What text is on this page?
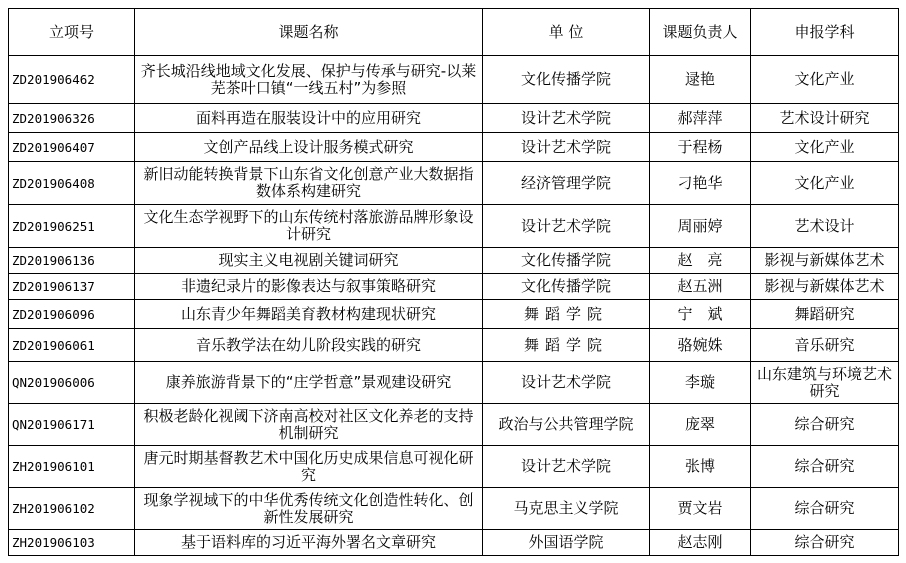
立项号	课题名称	单 位	课题负责人	申报学科
ZD201906462	齐长城沿线地域文化发展、保护与传承与研究-以莱芜茶叶口镇“一线五村”为参照	文化传播学院	逯艳	文化产业
ZD201906326	面料再造在服装设计中的应用研究	设计艺术学院	郝萍萍	艺术设计研究
ZD201906407	文创产品线上设计服务模式研究	设计艺术学院	于程杨	文化产业
ZD201906408	新旧动能转换背景下山东省文化创意产业大数据指数体系构建研究	经济管理学院	刁艳华	文化产业
ZD201906251	文化生态学视野下的山东传统村落旅游品牌形象设计研究	设计艺术学院	周丽婷	艺术设计
ZD201906136	现实主义电视剧关键词研究	文化传播学院	赵　亮	影视与新媒体艺术
ZD201906137	非遗纪录片的影像表达与叙事策略研究	文化传播学院	赵五洲	影视与新媒体艺术
ZD201906096	山东青少年舞蹈美育教材构建现状研究	舞蹈学院	宁　斌	舞蹈研究
ZD201906061	音乐教学法在幼儿阶段实践的研究	舞蹈学院	骆婉姝	音乐研究
QN201906006	康养旅游背景下的“庄学哲意”景观建设研究	设计艺术学院	李璇	山东建筑与环境艺术研究
QN201906171	积极老龄化视阈下济南高校对社区文化养老的支持机制研究	政治与公共管理学院	庞翠	综合研究
ZH201906101	唐元时期基督教艺术中国化历史成果信息可视化研究	设计艺术学院	张博	综合研究
ZH201906102	现象学视域下的中华优秀传统文化创造性转化、创新性发展研究	马克思主义学院	贾文岩	综合研究
ZH201906103	基于语料库的习近平海外署名文章研究	外国语学院	赵志刚	综合研究
